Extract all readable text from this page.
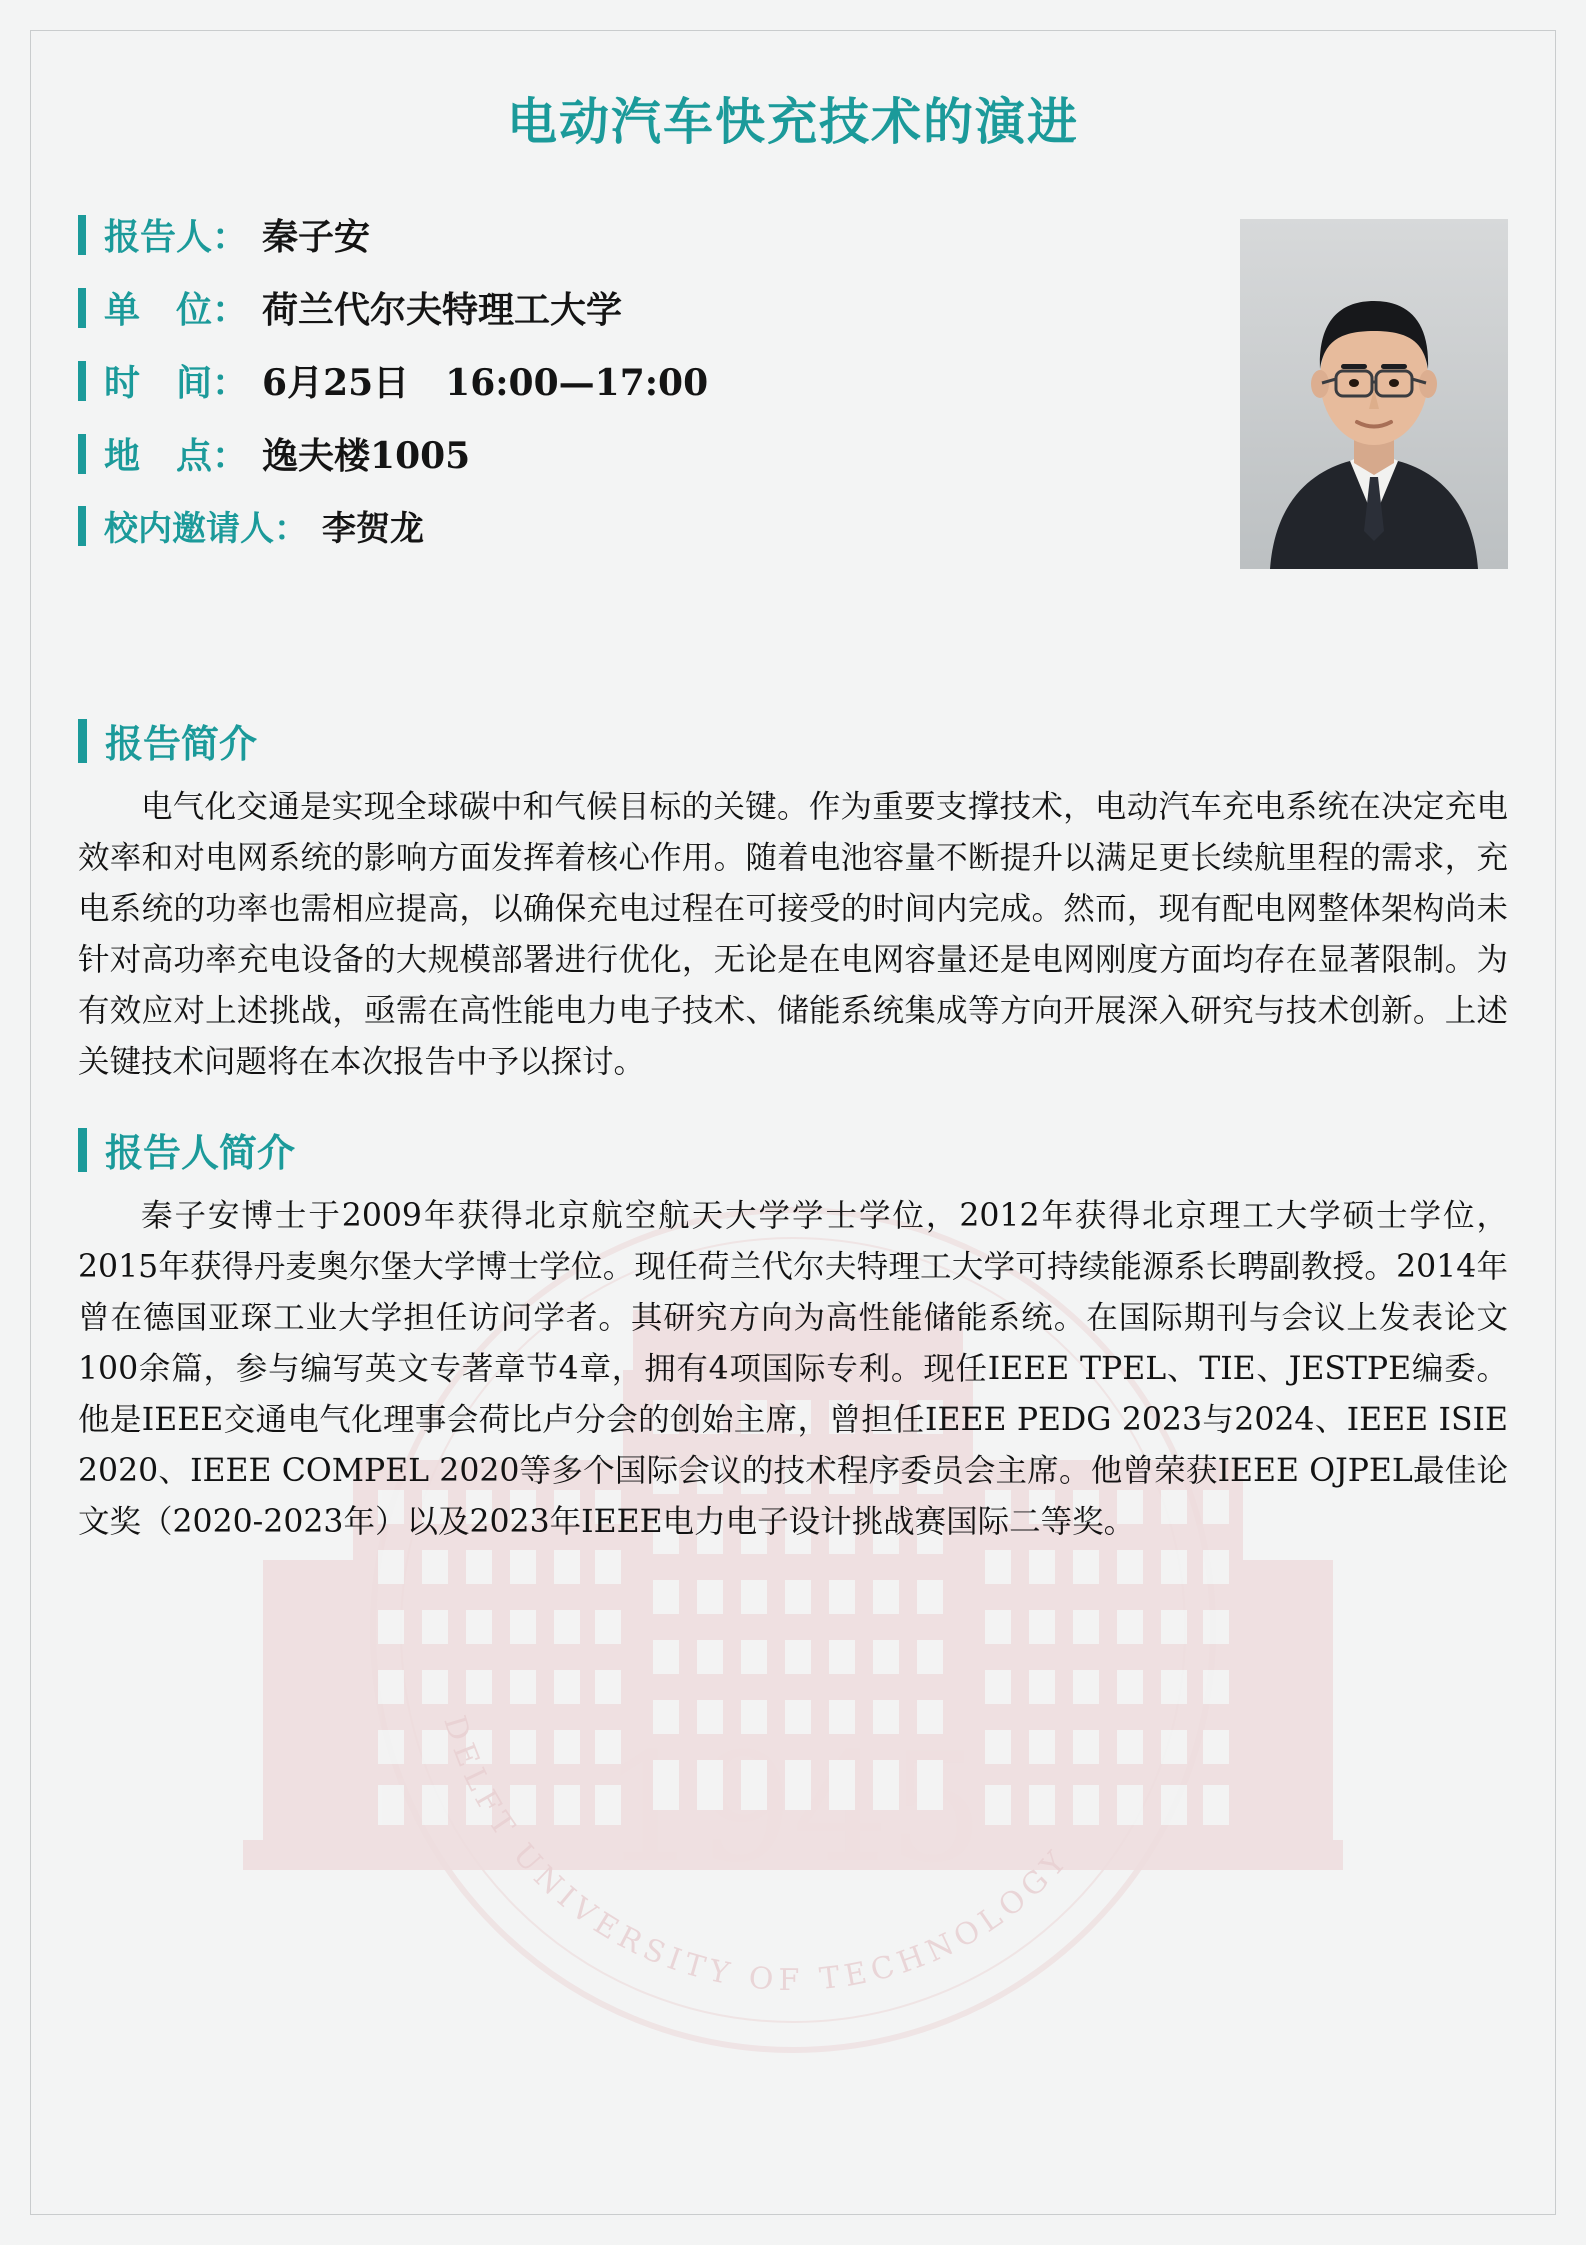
1945
DELFT UNIVERSITY OF TECHNOLOGY
电动汽车快充技术的演进
报告人： 秦子安
单　位： 荷兰代尔夫特理工大学
时　间： 6月25日　16:00—17:00
地　点： 逸夫楼1005
校内邀请人： 李贺龙
报告简介
电气化交通是实现全球碳中和气候目标的关键。作为重要支撑技术，电动汽车充电系统在决定充电效率和对电网系统的影响方面发挥着核心作用。随着电池容量不断提升以满足更长续航里程的需求，充电系统的功率也需相应提高，以确保充电过程在可接受的时间内完成。然而，现有配电网整体架构尚未针对高功率充电设备的大规模部署进行优化，无论是在电网容量还是电网刚度方面均存在显著限制。为有效应对上述挑战，亟需在高性能电力电子技术、储能系统集成等方向开展深入研究与技术创新。上述关键技术问题将在本次报告中予以探讨。
报告人简介
秦子安博士于2009年获得北京航空航天大学学士学位，2012年获得北京理工大学硕士学位，2015年获得丹麦奥尔堡大学博士学位。现任荷兰代尔夫特理工大学可持续能源系长聘副教授。2014年曾在德国亚琛工业大学担任访问学者。其研究方向为高性能储能系统。在国际期刊与会议上发表论文100余篇，参与编写英文专著章节4章，拥有4项国际专利。现任IEEE TPEL、TIE、JESTPE编委。他是IEEE交通电气化理事会荷比卢分会的创始主席，曾担任IEEE PEDG 2023与2024、IEEE ISIE 2020、IEEE COMPEL 2020等多个国际会议的技术程序委员会主席。他曾荣获IEEE OJPEL最佳论文奖（2020-2023年）以及2023年IEEE电力电子设计挑战赛国际二等奖。
